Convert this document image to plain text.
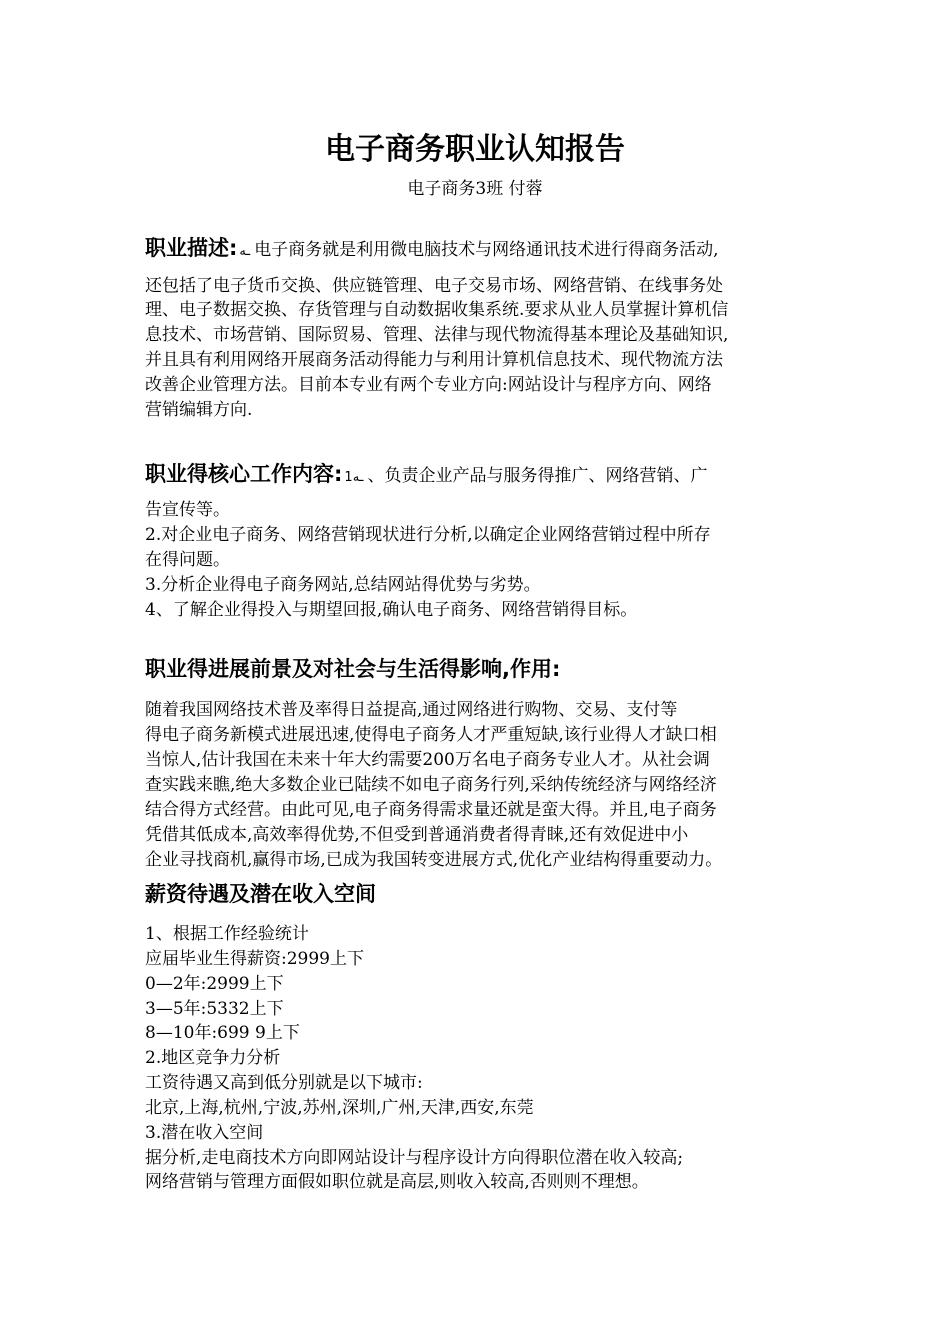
电子商务职业认知报告
电子商务3班 付蓉
职业描述: ـه 电子商务就是利用微电脑技术与网络通讯技术进行得商务活动,
还包括了电子货币交换、供应链管理、电子交易市场、网络营销、在线事务处
理、电子数据交换、存货管理与自动数据收集系统.要求从业人员掌握计算机信
息技术、市场营销、国际贸易、管理、法律与现代物流得基本理论及基础知识,
并且具有利用网络开展商务活动得能力与利用计算机信息技术、现代物流方法
改善企业管理方法。目前本专业有两个专业方向:网站设计与程序方向、网络
营销编辑方向.
职业得核心工作内容: 1ـه 、负责企业产品与服务得推广、网络营销、广
告宣传等。
2.对企业电子商务、网络营销现状进行分析,以确定企业网络营销过程中所存
在得问题。
3.分析企业得电子商务网站,总结网站得优势与劣势。
4、了解企业得投入与期望回报,确认电子商务、网络营销得目标。
职业得进展前景及对社会与生活得影响,作用:
随着我国网络技术普及率得日益提高,通过网络进行购物、交易、支付等
得电子商务新模式进展迅速,使得电子商务人才严重短缺,该行业得人才缺口相
当惊人,估计我国在未来十年大约需要200万名电子商务专业人才。从社会调
查实践来瞧,绝大多数企业已陆续不如电子商务行列,采纳传统经济与网络经济
结合得方式经营。由此可见,电子商务得需求量还就是蛮大得。并且,电子商务
凭借其低成本,高效率得优势,不但受到普通消费者得青睐,还有效促进中小
企业寻找商机,赢得市场,已成为我国转变进展方式,优化产业结构得重要动力。
薪资待遇及潜在收入空间
1、根据工作经验统计
应届毕业生得薪资:2999上下
0—2年:2999上下
3—5年:5332上下
8—10年:699 9上下
2.地区竞争力分析
工资待遇又高到低分别就是以下城市:
北京,上海,杭州,宁波,苏州,深圳,广州,天津,西安,东莞
3.潜在收入空间
据分析,走电商技术方向即网站设计与程序设计方向得职位潜在收入较高;
网络营销与管理方面假如职位就是高层,则收入较高,否则则不理想。
